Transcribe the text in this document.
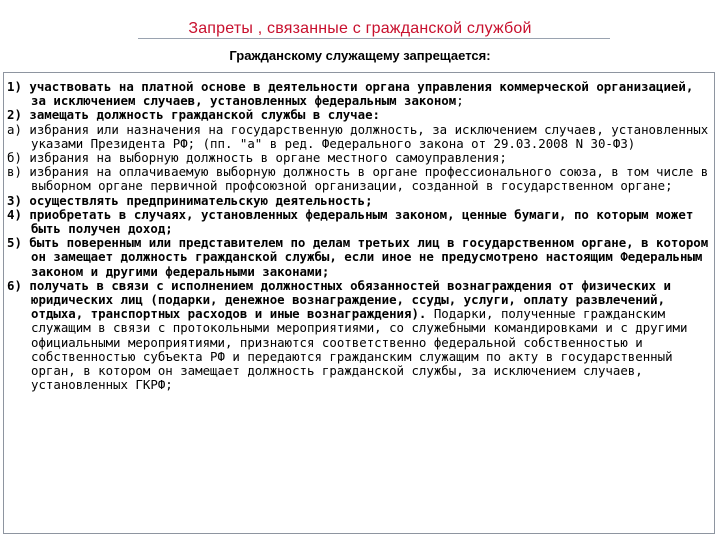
Запреты , связанные с гражданской службой
Гражданскому служащему запрещается:

1) участвовать на платной основе в деятельности органа управления коммерческой организацией, за исключением случаев, установленных федеральным законом;

2) замещать должность гражданской службы в случае:

а) избрания или назначения на государственную должность, за исключением случаев, установленных указами Президента РФ; (пп. "а" в ред. Федерального закона от 29.03.2008 N 30-ФЗ)

б) избрания на выборную должность в органе местного самоуправления;

в) избрания на оплачиваемую выборную должность в органе профессионального союза, в том числе в выборном органе первичной профсоюзной организации, созданной в государственном органе;

3) осуществлять предпринимательскую деятельность;

4) приобретать в случаях, установленных федеральным законом, ценные бумаги, по которым может быть получен доход;

5) быть поверенным или представителем по делам третьих лиц в государственном органе, в котором он замещает должность гражданской службы, если иное не предусмотрено настоящим Федеральным законом и другими федеральными законами;

6) получать в связи с исполнением должностных обязанностей вознаграждения от физических и юридических лиц (подарки, денежное вознаграждение, ссуды, услуги, оплату развлечений, отдыха, транспортных расходов и иные вознаграждения). Подарки, полученные гражданским служащим в связи с протокольными мероприятиями, со служебными командировками и с другими официальными мероприятиями, признаются соответственно федеральной собственностью и собственностью субъекта РФ и передаются гражданским служащим по акту в государственный орган, в котором он замещает должность гражданской службы, за исключением случаев, установленных ГКРФ;
